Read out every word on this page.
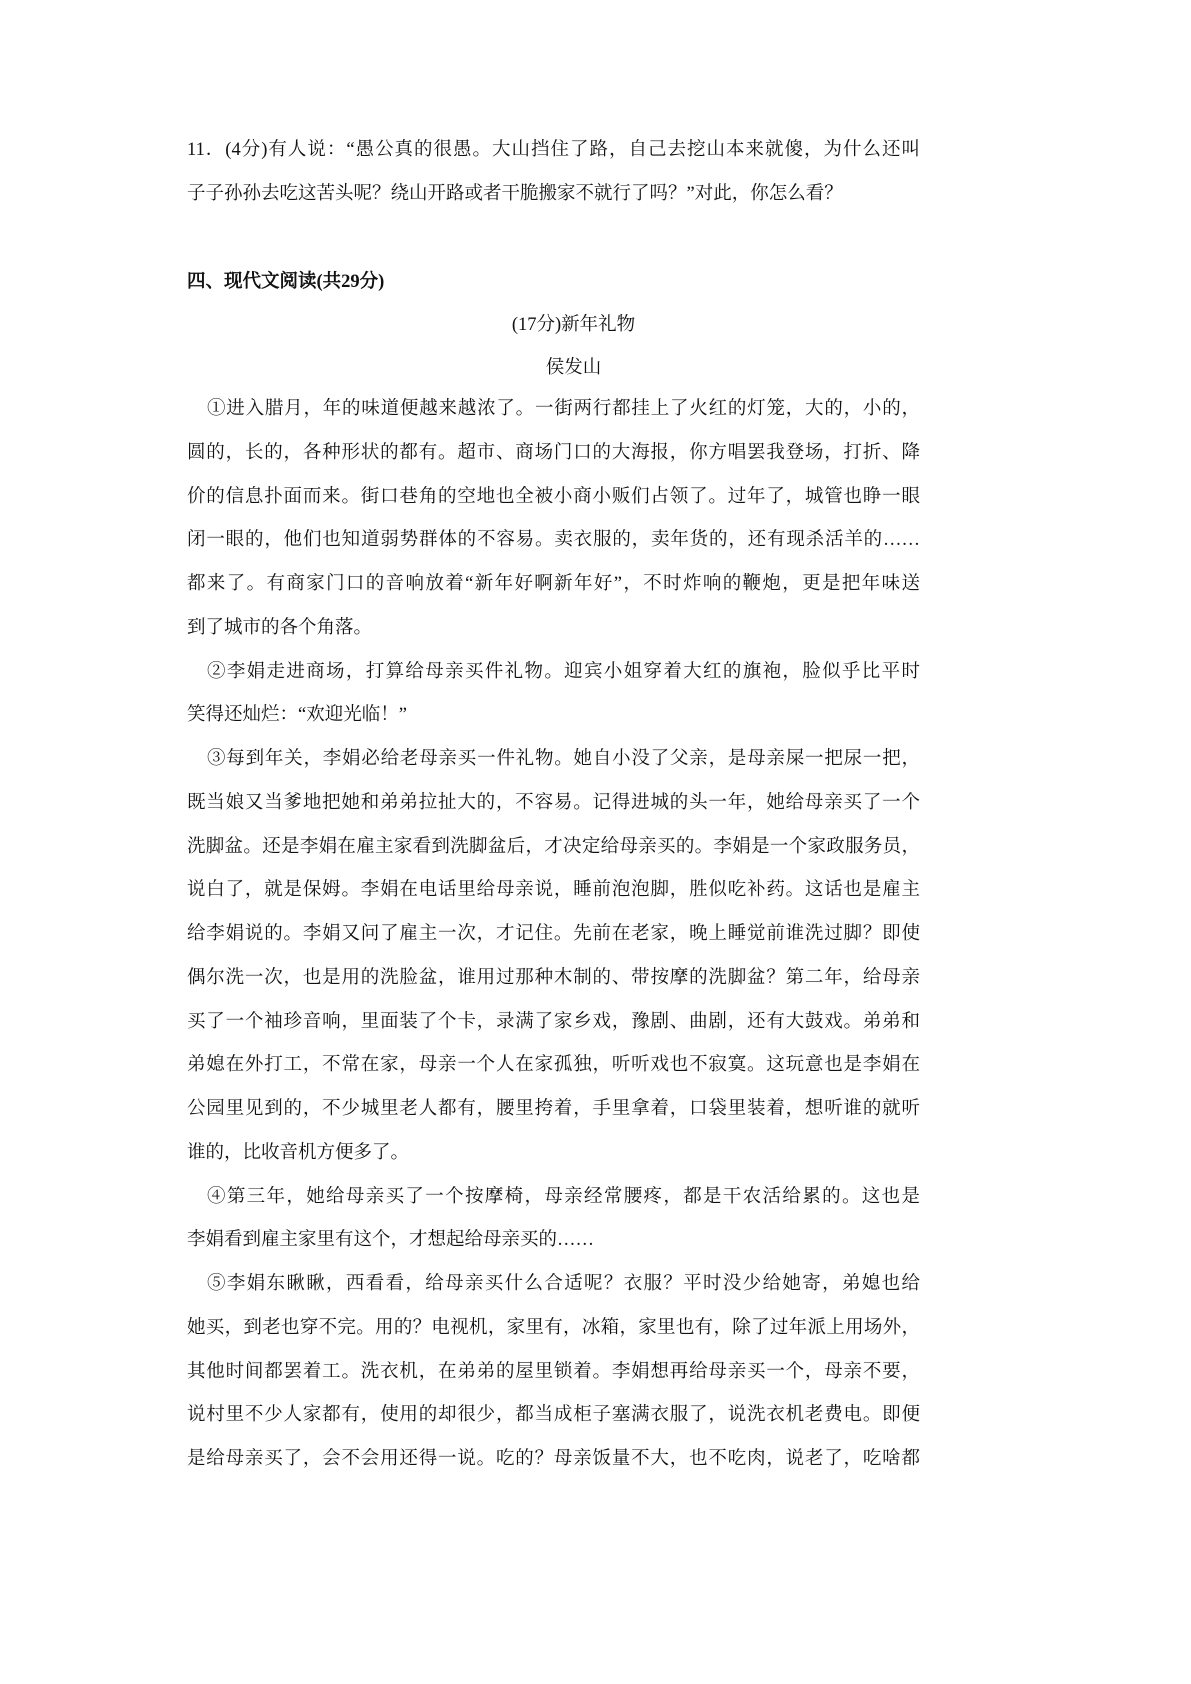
11．(4分)有人说：“愚公真的很愚。大山挡住了路，自己去挖山本来就傻，为什么还叫
子子孙孙去吃这苦头呢？绕山开路或者干脆搬家不就行了吗？”对此，你怎么看？
四、现代文阅读(共29分)
(17分)新年礼物
侯发山
①进入腊月，年的味道便越来越浓了。一街两行都挂上了火红的灯笼，大的，小的，
圆的，长的，各种形状的都有。超市、商场门口的大海报，你方唱罢我登场，打折、降
价的信息扑面而来。街口巷角的空地也全被小商小贩们占领了。过年了，城管也睁一眼
闭一眼的，他们也知道弱势群体的不容易。卖衣服的，卖年货的，还有现杀活羊的……
都来了。有商家门口的音响放着“新年好啊新年好”，不时炸响的鞭炮，更是把年味送
到了城市的各个角落。
②李娟走进商场，打算给母亲买件礼物。迎宾小姐穿着大红的旗袍，脸似乎比平时
笑得还灿烂：“欢迎光临！”
③每到年关，李娟必给老母亲买一件礼物。她自小没了父亲，是母亲屎一把尿一把，
既当娘又当爹地把她和弟弟拉扯大的，不容易。记得进城的头一年，她给母亲买了一个
洗脚盆。还是李娟在雇主家看到洗脚盆后，才决定给母亲买的。李娟是一个家政服务员，
说白了，就是保姆。李娟在电话里给母亲说，睡前泡泡脚，胜似吃补药。这话也是雇主
给李娟说的。李娟又问了雇主一次，才记住。先前在老家，晚上睡觉前谁洗过脚？即使
偶尔洗一次，也是用的洗脸盆，谁用过那种木制的、带按摩的洗脚盆？第二年，给母亲
买了一个袖珍音响，里面装了个卡，录满了家乡戏，豫剧、曲剧，还有大鼓戏。弟弟和
弟媳在外打工，不常在家，母亲一个人在家孤独，听听戏也不寂寞。这玩意也是李娟在
公园里见到的，不少城里老人都有，腰里挎着，手里拿着，口袋里装着，想听谁的就听
谁的，比收音机方便多了。
④第三年，她给母亲买了一个按摩椅，母亲经常腰疼，都是干农活给累的。这也是
李娟看到雇主家里有这个，才想起给母亲买的……
⑤李娟东瞅瞅，西看看，给母亲买什么合适呢？衣服？平时没少给她寄，弟媳也给
她买，到老也穿不完。用的？电视机，家里有，冰箱，家里也有，除了过年派上用场外，
其他时间都罢着工。洗衣机，在弟弟的屋里锁着。李娟想再给母亲买一个，母亲不要，
说村里不少人家都有，使用的却很少，都当成柜子塞满衣服了，说洗衣机老费电。即便
是给母亲买了，会不会用还得一说。吃的？母亲饭量不大，也不吃肉，说老了，吃啥都
